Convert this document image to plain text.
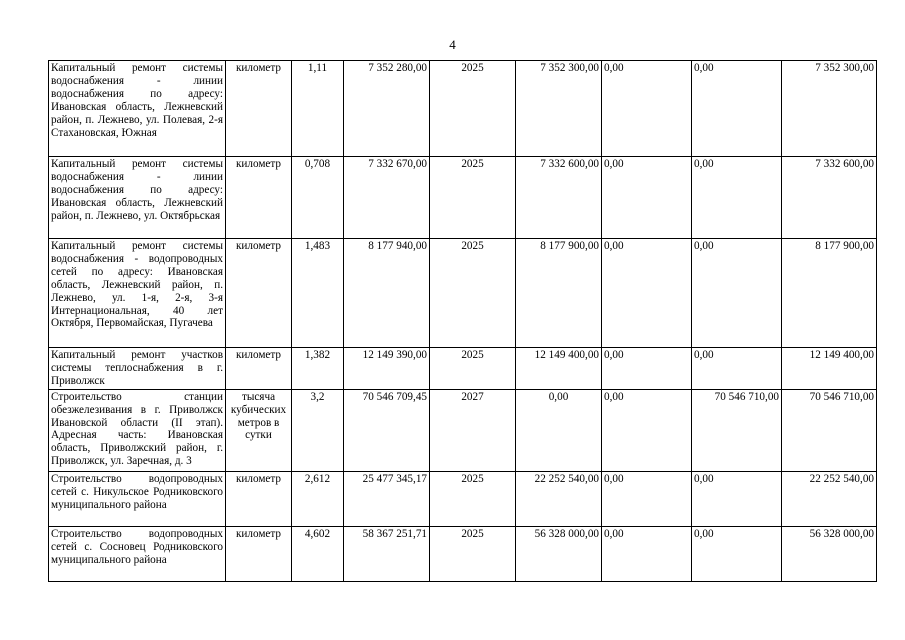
4
Капитальный ремонт системы водоснабжения - линии водоснабжения по адресу: Ивановская область, Лежневский район, п. Лежнево, ул. Полевая, 2-я Стахановская, Южная	километр	1,11	7 352 280,00	2025	7 352 300,00	0,00	0,00	7 352 300,00
Капитальный ремонт системы водоснабжения - линии водоснабжения по адресу: Ивановская область, Лежневский район, п. Лежнево, ул. Октябрьская	километр	0,708	7 332 670,00	2025	7 332 600,00	0,00	0,00	7 332 600,00
Капитальный ремонт системы водоснабжения - водопроводных сетей по адресу: Ивановская область, Лежневский район, п. Лежнево, ул. 1-я, 2-я, 3-я Интернациональная, 40 лет Октября, Первомайская, Пугачева	километр	1,483	8 177 940,00	2025	8 177 900,00	0,00	0,00	8 177 900,00
Капитальный ремонт участков системы теплоснабжения в г. Приволжск	километр	1,382	12 149 390,00	2025	12 149 400,00	0,00	0,00	12 149 400,00
Строительство станции обезжелезивания в г. Приволжск Ивановской области (II этап). Адресная часть: Ивановская область, Приволжский район, г. Приволжск, ул. Заречная, д. 3	тысяча кубических метров в сутки	3,2	70 546 709,45	2027	0,00	0,00	70 546 710,00	70 546 710,00
Строительство водопроводных сетей с. Никульское Родниковского муниципального района	километр	2,612	25 477 345,17	2025	22 252 540,00	0,00	0,00	22 252 540,00
Строительство водопроводных сетей с. Сосновец Родниковского муниципального района	километр	4,602	58 367 251,71	2025	56 328 000,00	0,00	0,00	56 328 000,00
